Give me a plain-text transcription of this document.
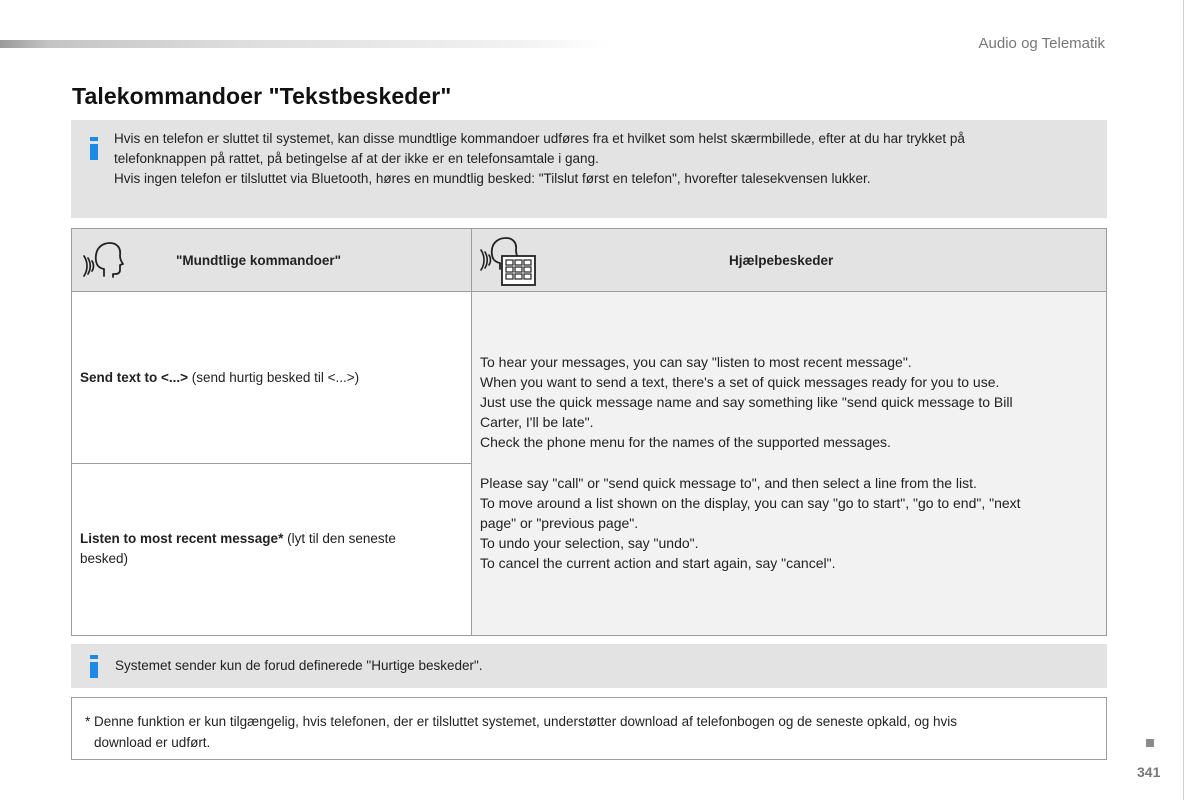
Audio og Telematik
Talekommandoer "Tekstbeskeder"

Hvis en telefon er sluttet til systemet, kan disse mundtlige kommandoer udføres fra et hvilket som helst skærmbillede, efter at du har trykket på

telefonknappen på rattet, på betingelse af at der ikke er en telefonsamtale i gang.

Hvis ingen telefon er tilsluttet via Bluetooth, høres en mundtlig besked: "Tilslut først en telefon", hvorefter talesekvensen lukker.

"Mundtlige kommandoer"	Hjælpebeskeder
Send text to <...> (send hurtig besked til <...>)
Listen to most recent message* (lyt til den seneste
besked)
To hear your messages, you can say "listen to most recent message".
When you want to send a text, there's a set of quick messages ready for you to use.
Just use the quick message name and say something like "send quick message to Bill
Carter, I'll be late".
Check the phone menu for the names of the supported messages.
Please say "call" or "send quick message to", and then select a line from the list.
To move around a list shown on the display, you can say "go to start", "go to end", "next
page" or "previous page".
To undo your selection, say "undo".
To cancel the current action and start again, say "cancel".

Systemet sender kun de forud definerede "Hurtige beskeder".

* Denne funktion er kun tilgængelig, hvis telefonen, der er tilsluttet systemet, understøtter download af telefonbogen og de seneste opkald, og hvis
download er udført.

341
